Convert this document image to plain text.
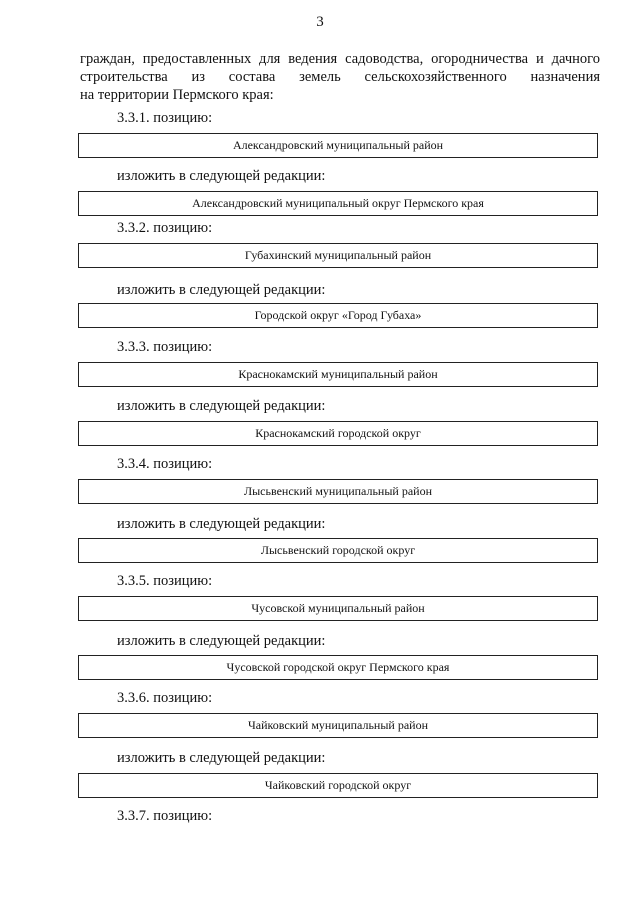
3
граждан, предоставленных для ведения садоводства, огородничества и дачного
строительства из состава земель сельскохозяйственного назначения
на территории Пермского края:
3.3.1. позицию:
Александровский муниципальный район
изложить в следующей редакции:
Александровский муниципальный округ Пермского края
3.3.2. позицию:
Губахинский муниципальный район
изложить в следующей редакции:
Городской округ «Город Губаха»
3.3.3. позицию:
Краснокамский муниципальный район
изложить в следующей редакции:
Краснокамский городской округ
3.3.4. позицию:
Лысьвенский муниципальный район
изложить в следующей редакции:
Лысьвенский городской округ
3.3.5. позицию:
Чусовской муниципальный район
изложить в следующей редакции:
Чусовской городской округ Пермского края
3.3.6. позицию:
Чайковский муниципальный район
изложить в следующей редакции:
Чайковский городской округ
3.3.7. позицию:
